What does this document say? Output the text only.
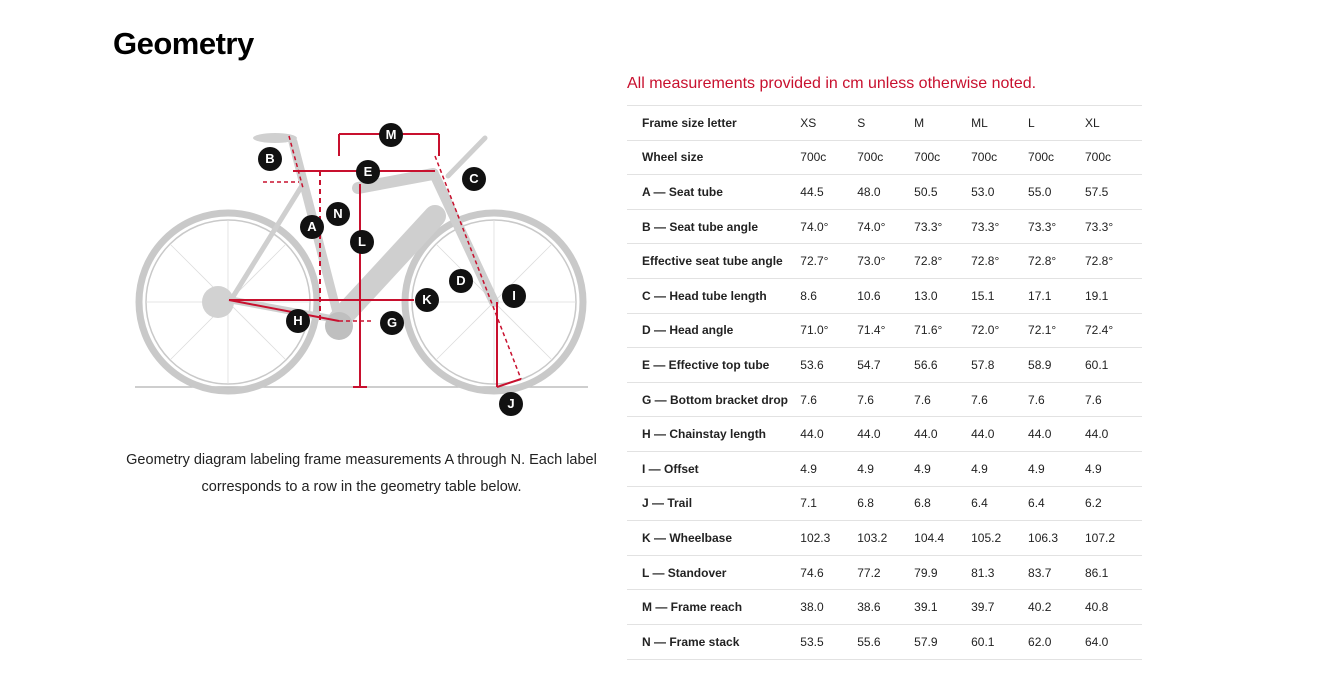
Geometry
M
B
E	C
N
A
L
D
I
K
H	G
J

Geometry diagram labeling frame measurements A through N. Each label corresponds to a row in the geometry table below.

All measurements provided in cm unless otherwise noted.

Frame size letter	XS	S	M	ML	L	XL
Wheel size	700c	700c	700c	700c	700c	700c
A — Seat tube	44.5	48.0	50.5	53.0	55.0	57.5
B — Seat tube angle	74.0°	74.0°	73.3°	73.3°	73.3°	73.3°
Effective seat tube angle	72.7°	73.0°	72.8°	72.8°	72.8°	72.8°
C — Head tube length	8.6	10.6	13.0	15.1	17.1	19.1
D — Head angle	71.0°	71.4°	71.6°	72.0°	72.1°	72.4°
E — Effective top tube	53.6	54.7	56.6	57.8	58.9	60.1
G — Bottom bracket drop	7.6	7.6	7.6	7.6	7.6	7.6
H — Chainstay length	44.0	44.0	44.0	44.0	44.0	44.0
I — Offset	4.9	4.9	4.9	4.9	4.9	4.9
J — Trail	7.1	6.8	6.8	6.4	6.4	6.2
K — Wheelbase	102.3	103.2	104.4	105.2	106.3	107.2
L — Standover	74.6	77.2	79.9	81.3	83.7	86.1
M — Frame reach	38.0	38.6	39.1	39.7	40.2	40.8
N — Frame stack	53.5	55.6	57.9	60.1	62.0	64.0
